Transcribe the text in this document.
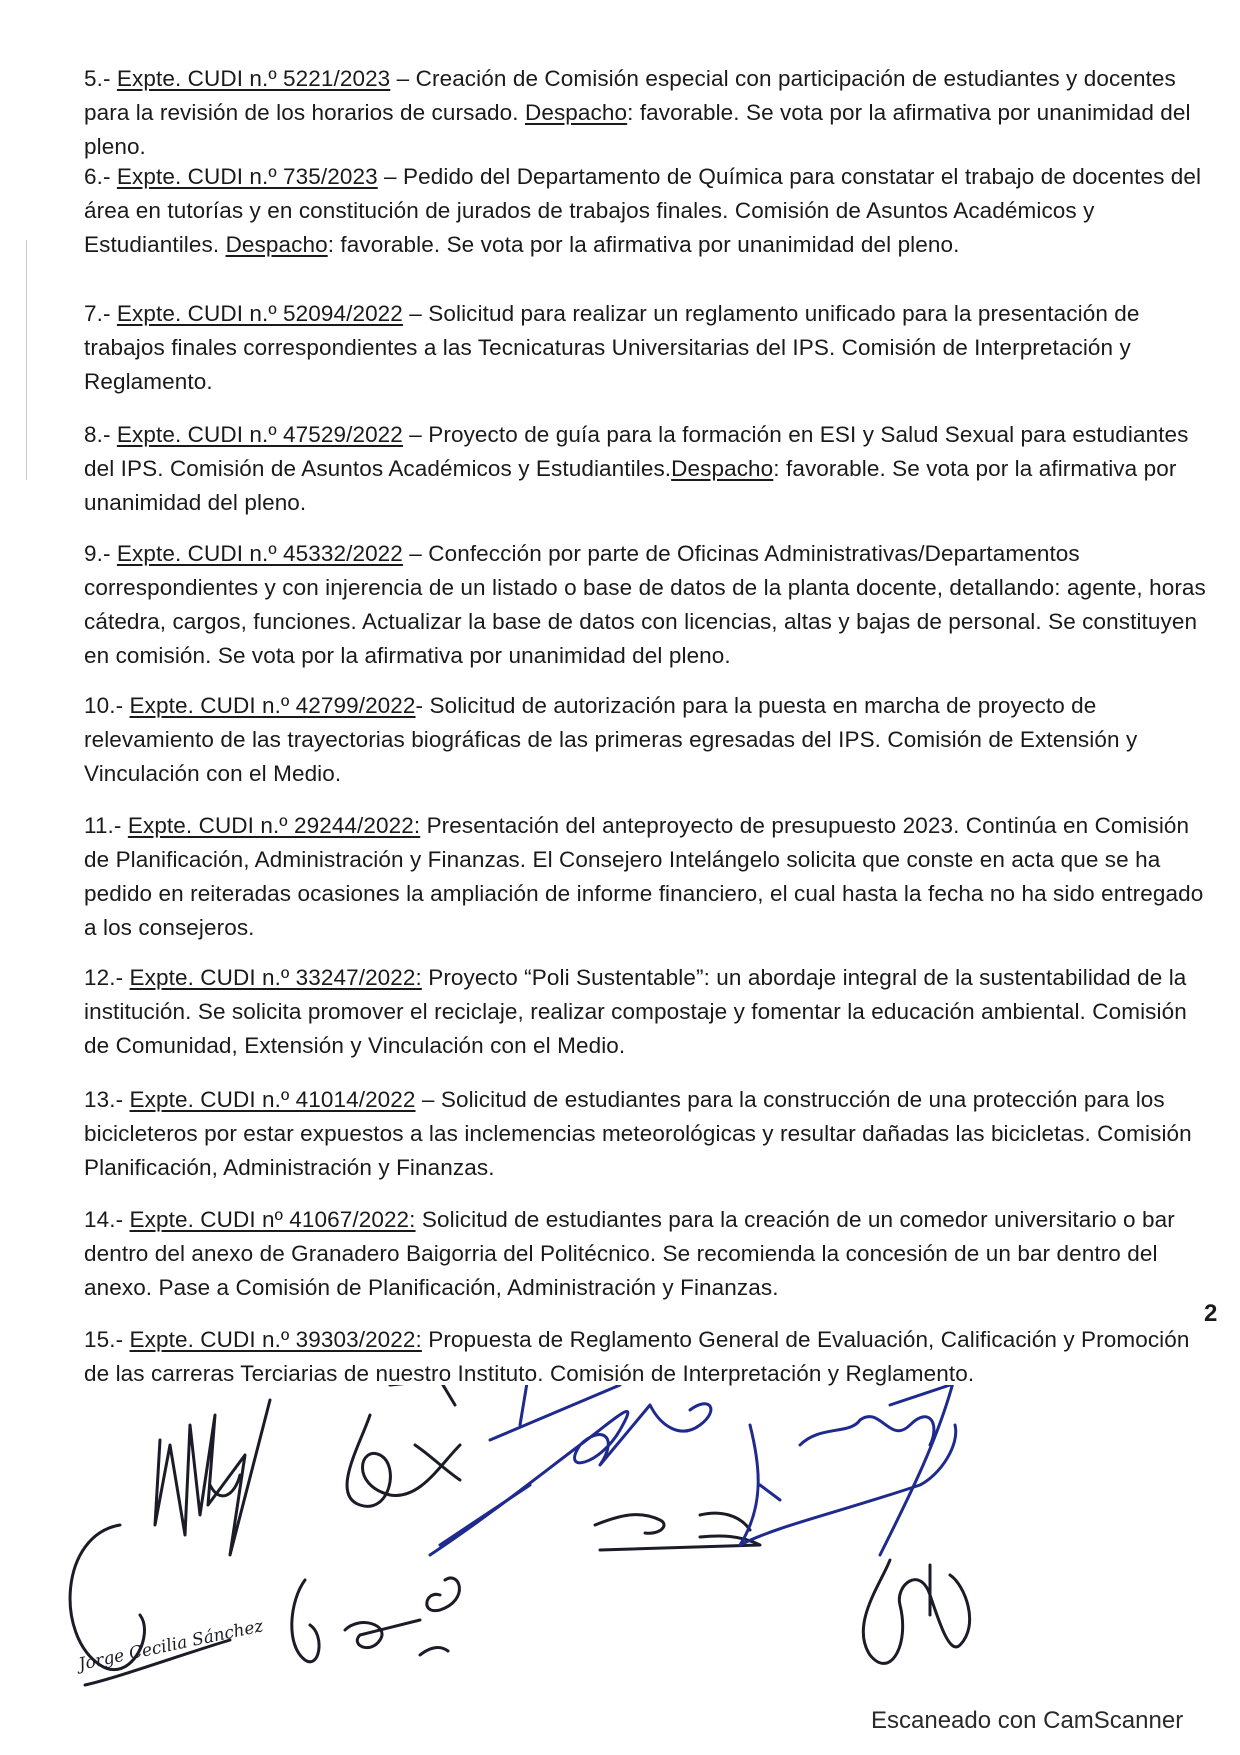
5.- Expte. CUDI n.º 5221/2023 – Creación de Comisión especial con participación de estudiantes y docentes para la revisión de los horarios de cursado. Despacho: favorable. Se vota por la afirmativa por unanimidad del pleno.
6.- Expte. CUDI n.º 735/2023 – Pedido del Departamento de Química para constatar el trabajo de docentes del área en tutorías y en constitución de jurados de trabajos finales. Comisión de Asuntos Académicos y Estudiantiles. Despacho: favorable. Se vota por la afirmativa por unanimidad del pleno.
7.- Expte. CUDI n.º 52094/2022 – Solicitud para realizar un reglamento unificado para la presentación de trabajos finales correspondientes a las Tecnicaturas Universitarias del IPS. Comisión de Interpretación y Reglamento.
8.- Expte. CUDI n.º 47529/2022 – Proyecto de guía para la formación en ESI y Salud Sexual para estudiantes del IPS. Comisión de Asuntos Académicos y Estudiantiles.Despacho: favorable. Se vota por la afirmativa por unanimidad del pleno.
9.- Expte. CUDI n.º 45332/2022 – Confección por parte de Oficinas Administrativas/Departamentos correspondientes y con injerencia de un listado o base de datos de la planta docente, detallando: agente, horas cátedra, cargos, funciones. Actualizar la base de datos con licencias, altas y bajas de personal. Se constituyen en comisión. Se vota por la afirmativa por unanimidad del pleno.
10.- Expte. CUDI n.º 42799/2022- Solicitud de autorización para la puesta en marcha de proyecto de relevamiento de las trayectorias biográficas de las primeras egresadas del IPS. Comisión de Extensión y Vinculación con el Medio.
11.- Expte. CUDI n.º 29244/2022: Presentación del anteproyecto de presupuesto 2023. Continúa en Comisión de Planificación, Administración y Finanzas. El Consejero Intelángelo solicita que conste en acta que se ha pedido en reiteradas ocasiones la ampliación de informe financiero, el cual hasta la fecha no ha sido entregado a los consejeros.
12.- Expte. CUDI n.º 33247/2022: Proyecto “Poli Sustentable”: un abordaje integral de la sustentabilidad de la institución. Se solicita promover el reciclaje, realizar compostaje y fomentar la educación ambiental. Comisión de Comunidad, Extensión y Vinculación con el Medio.
13.- Expte. CUDI n.º 41014/2022 – Solicitud de estudiantes para la construcción de una protección para los bicicleteros por estar expuestos a las inclemencias meteorológicas y resultar dañadas las bicicletas. Comisión Planificación, Administración y Finanzas.
14.- Expte. CUDI nº 41067/2022: Solicitud de estudiantes para la creación de un comedor universitario o bar dentro del anexo de Granadero Baigorria del Politécnico. Se recomienda la concesión de un bar dentro del anexo. Pase a Comisión de Planificación, Administración y Finanzas.
15.- Expte. CUDI n.º 39303/2022: Propuesta de Reglamento General de Evaluación, Calificación y Promoción de las carreras Terciarias de nuestro Instituto. Comisión de Interpretación y Reglamento.
Jorge Cecilia Sánchez
2
Escaneado con CamScanner
